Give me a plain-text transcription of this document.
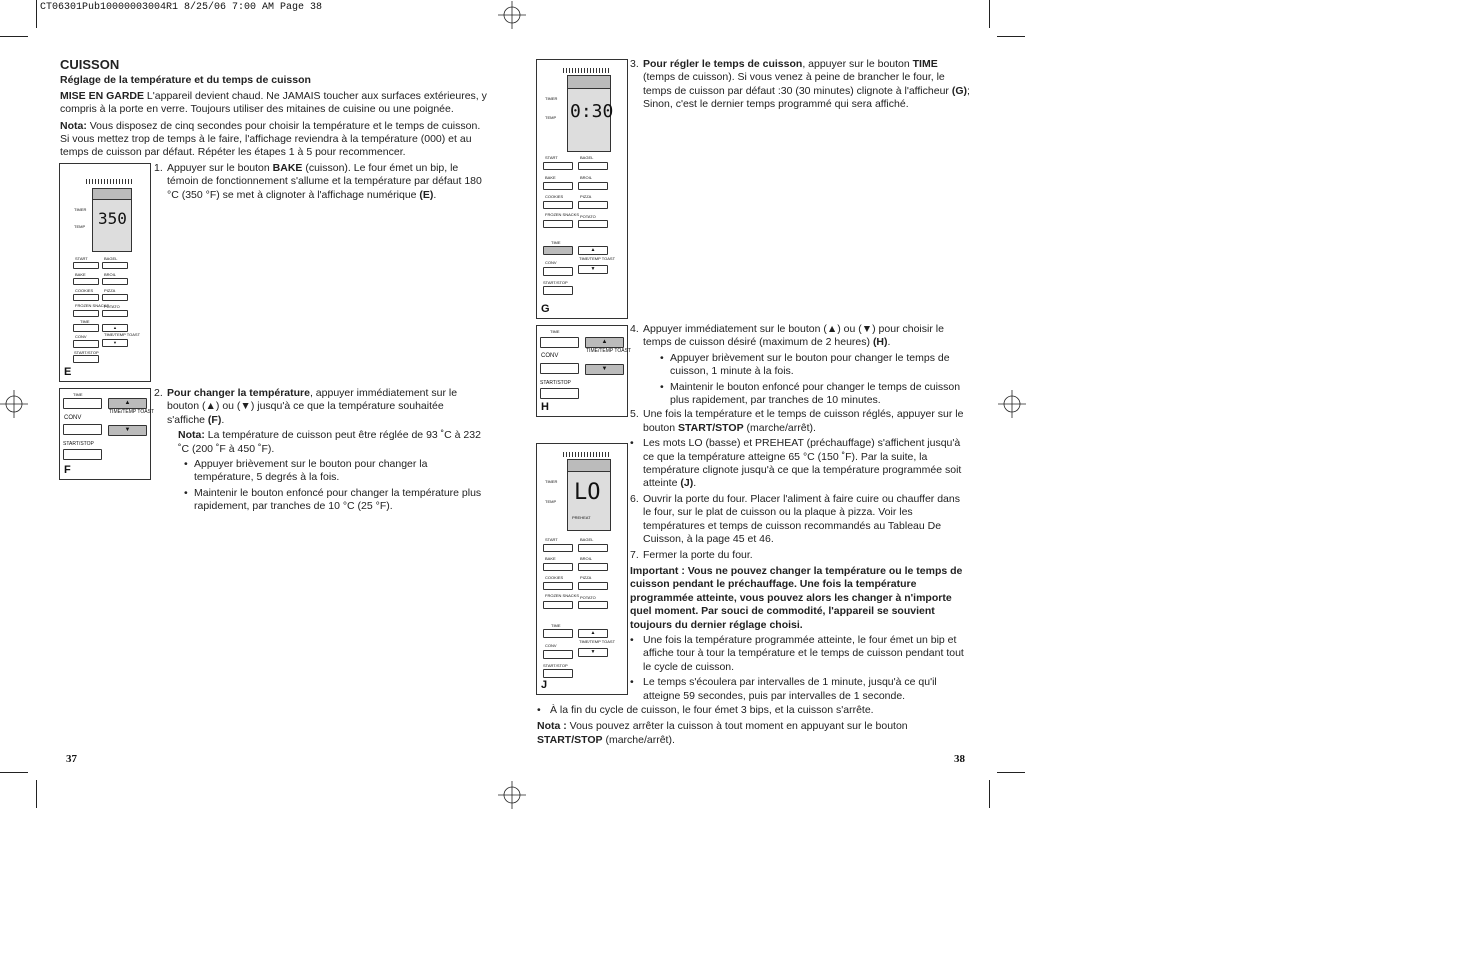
CT06301Pub10000003004R1 8/25/06 7:00 AM Page 38

CUISSON

Réglage de la température et du temps de cuisson

MISE EN GARDE L'appareil devient chaud. Ne JAMAIS toucher aux surfaces extérieures, y compris à la porte en verre. Toujours utiliser des mitaines de cuisine ou une poignée.

Nota: Vous disposez de cinq secondes pour choisir la température et le temps de cuisson. Si vous mettez trop de temps à le faire, l'affichage reviendra à la température (000) et au temps de cuisson par défaut. Répéter les étapes 1 à 5 pour recommencer.

350
TIMER
TEMP
START	BAGEL
BAKE	BROIL
COOKIES	PIZZA
FROZEN SNACKS
POTATO
TIME
▲
CONV	TIME/TEMP TOAST
▼
START/STOP
E

1. Appuyer sur le bouton BAKE (cuisson). Le four émet un bip, le témoin de fonctionnement s'allume et la température par défaut 180 °C (350 °F) se met à clignoter à l'affichage numérique (E).

TIME
▲
CONV
TIME/TEMP TOAST
▼
START/STOP
F

2. Pour changer la température, appuyer immédiatement sur le bouton (▲) ou (▼) jusqu'à ce que la température souhaitée s'affiche (F).

Nota: La température de cuisson peut être réglée de 93 ˚C à 232 ˚C (200 ˚F à 450 ˚F).

• Appuyer brièvement sur le bouton pour changer la température, 5 degrés à la fois.

• Maintenir le bouton enfoncé pour changer la température plus rapidement, par tranches de 10 °C (25 °F).

37
0:30
TIMER
TEMP
START	BAGEL
BAKE	BROIL
COOKIES	PIZZA
FROZEN SNACKS POTATO
TIME
▲
CONV
TIME/TEMP TOAST
▼
START/STOP
G

3. Pour régler le temps de cuisson, appuyer sur le bouton TIME (temps de cuisson). Si vous venez à peine de brancher le four, le temps de cuisson par défaut :30 (30 minutes) clignote à l'afficheur (G); Sinon, c'est le dernier temps programmé qui sera affiché.

TIME
▲
CONV
TIME/TEMP TOAST
▼
START/STOP
H
LO
PREHEAT
TIMER
TEMP
START	BAGEL
BAKE	BROIL
COOKIES	PIZZA
FROZEN SNACKS POTATO
TIME
▲
CONV
TIME/TEMP TOAST
▼
START/STOP
J

4. Appuyer immédiatement sur le bouton (▲) ou (▼) pour choisir le temps de cuisson désiré (maximum de 2 heures) (H).

• Appuyer brièvement sur le bouton pour changer le temps de cuisson, 1 minute à la fois.

• Maintenir le bouton enfoncé pour changer le temps de cuisson plus rapidement, par tranches de 10 minutes.

5. Une fois la température et le temps de cuisson réglés, appuyer sur le bouton START/STOP (marche/arrêt).

• Les mots LO (basse) et PREHEAT (préchauffage) s'affichent jusqu'à ce que la température atteigne 65 °C (150 ˚F). Par la suite, la température clignote jusqu'à ce que la température programmée soit atteinte (J).

6. Ouvrir la porte du four. Placer l'aliment à faire cuire ou chauffer dans le four, sur le plat de cuisson ou la plaque à pizza. Voir les températures et temps de cuisson recommandés au Tableau De Cuisson, à la page 45 et 46.

7. Fermer la porte du four.

Important : Vous ne pouvez changer la température ou le temps de cuisson pendant le préchauffage. Une fois la température programmée atteinte, vous pouvez alors les changer à n'importe quel moment. Par souci de commodité, l'appareil se souvient toujours du dernier réglage choisi.

• Une fois la température programmée atteinte, le four émet un bip et affiche tour à tour la température et le temps de cuisson pendant tout le cycle de cuisson.

• Le temps s'écoulera par intervalles de 1 minute, jusqu'à ce qu'il atteigne 59 secondes, puis par intervalles de 1 seconde.

• À la fin du cycle de cuisson, le four émet 3 bips, et la cuisson s'arrête.

Nota : Vous pouvez arrêter la cuisson à tout moment en appuyant sur le bouton START/STOP (marche/arrêt).

38
